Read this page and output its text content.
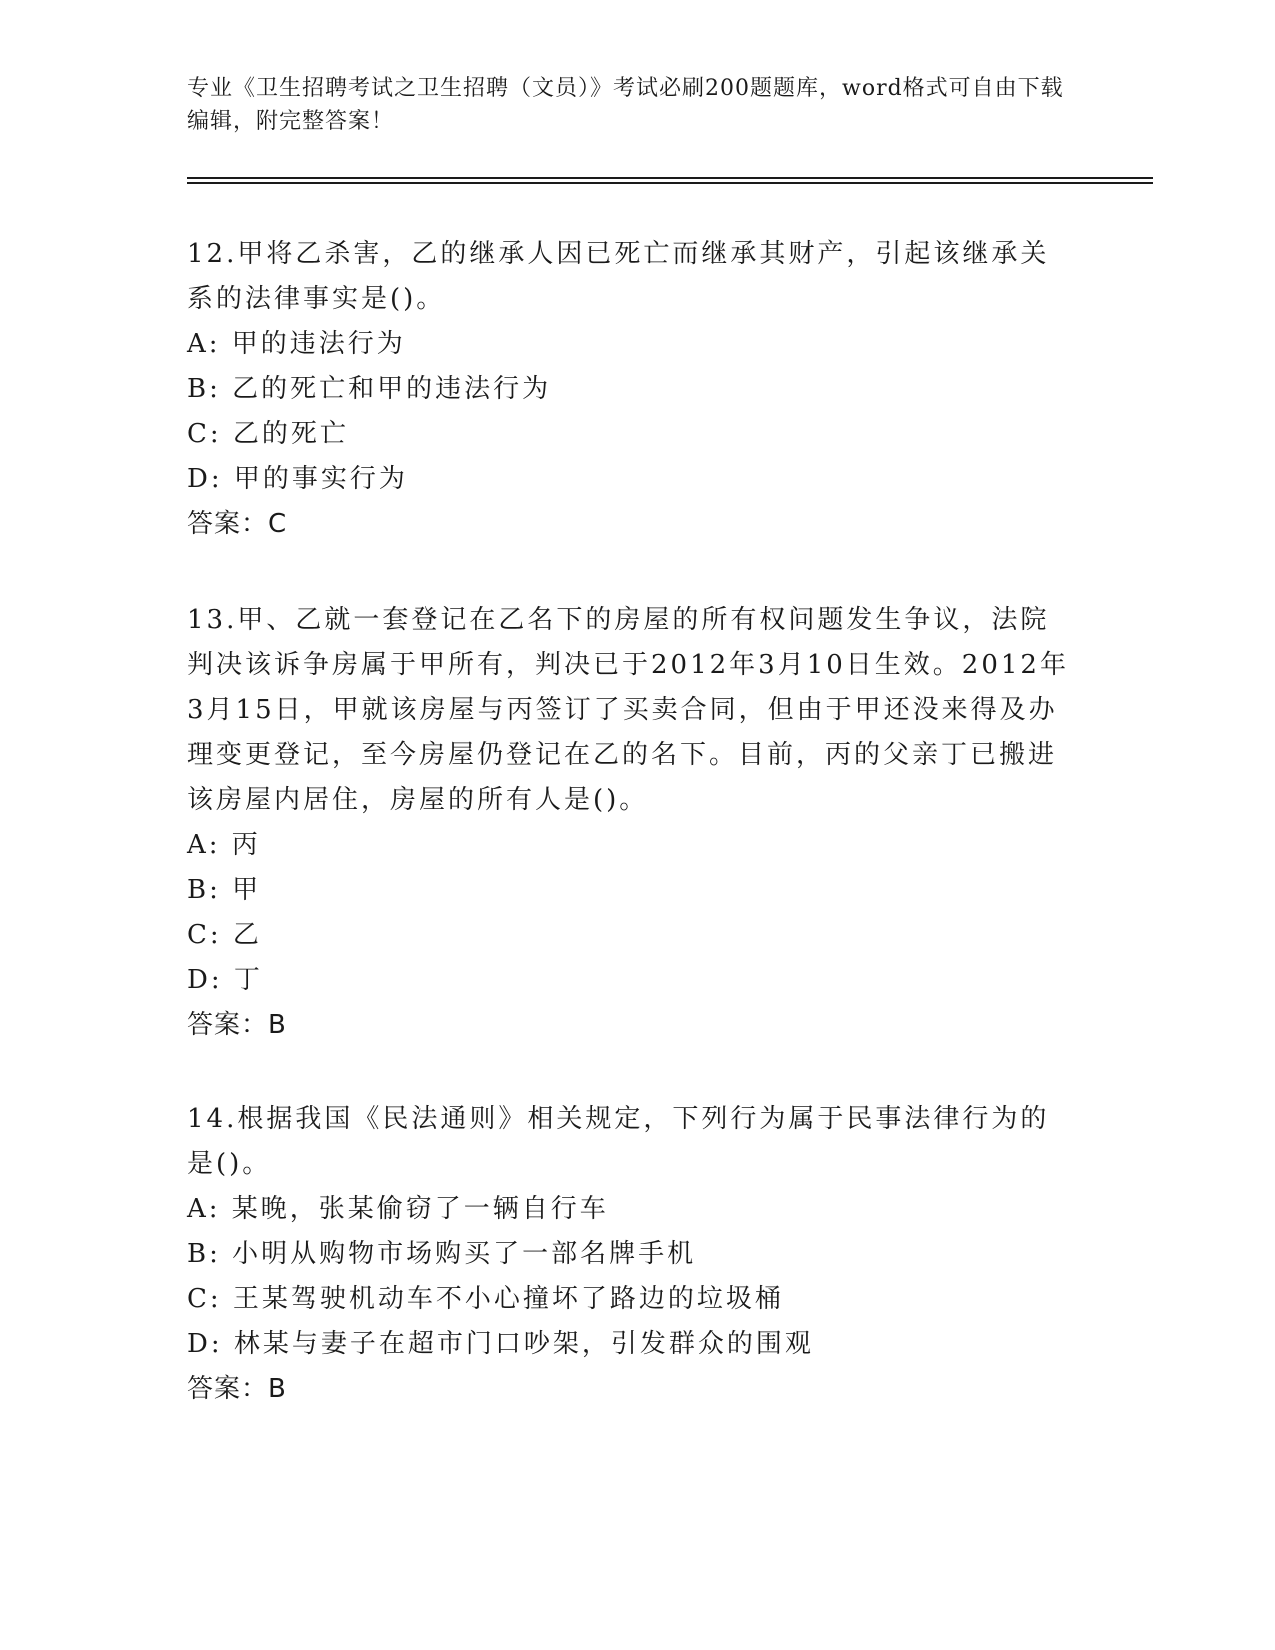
专业《卫生招聘考试之卫生招聘（文员）》考试必刷200题题库，word格式可自由下载编辑，附完整答案！

12.甲将乙杀害，乙的继承人因已死亡而继承其财产，引起该继承关系的法律事实是()。

A: 甲的违法行为

B: 乙的死亡和甲的违法行为

C: 乙的死亡

D: 甲的事实行为

答案：C

13.甲、乙就一套登记在乙名下的房屋的所有权问题发生争议，法院判决该诉争房属于甲所有，判决已于2012年3月10日生效。2012年3月15日，甲就该房屋与丙签订了买卖合同，但由于甲还没来得及办理变更登记，至今房屋仍登记在乙的名下。目前，丙的父亲丁已搬进该房屋内居住，房屋的所有人是()。

A: 丙

B: 甲

C: 乙

D: 丁

答案：B

14.根据我国《民法通则》相关规定，下列行为属于民事法律行为的是()。

A: 某晚，张某偷窃了一辆自行车

B: 小明从购物市场购买了一部名牌手机

C: 王某驾驶机动车不小心撞坏了路边的垃圾桶

D: 林某与妻子在超市门口吵架，引发群众的围观

答案：B
